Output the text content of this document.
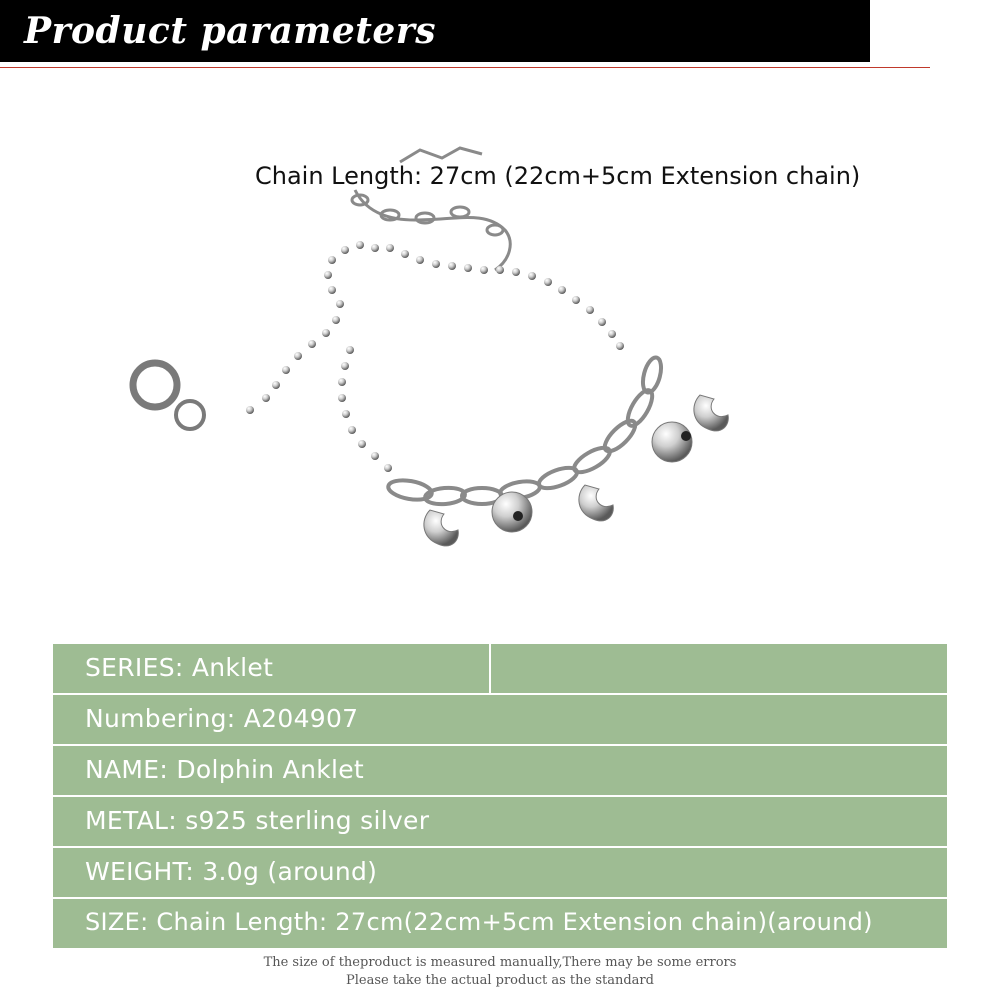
Product parameters
Chain Length: 27cm (22cm+5cm Extension chain)
SERIES: Anklet
Numbering: A204907
NAME: Dolphin Anklet
METAL: s925 sterling silver
WEIGHT: 3.0g (around)
SIZE: Chain Length: 27cm(22cm+5cm Extension chain)(around)
The size of theproduct is measured manually,There may be some errors
Please take the actual product as the standard
